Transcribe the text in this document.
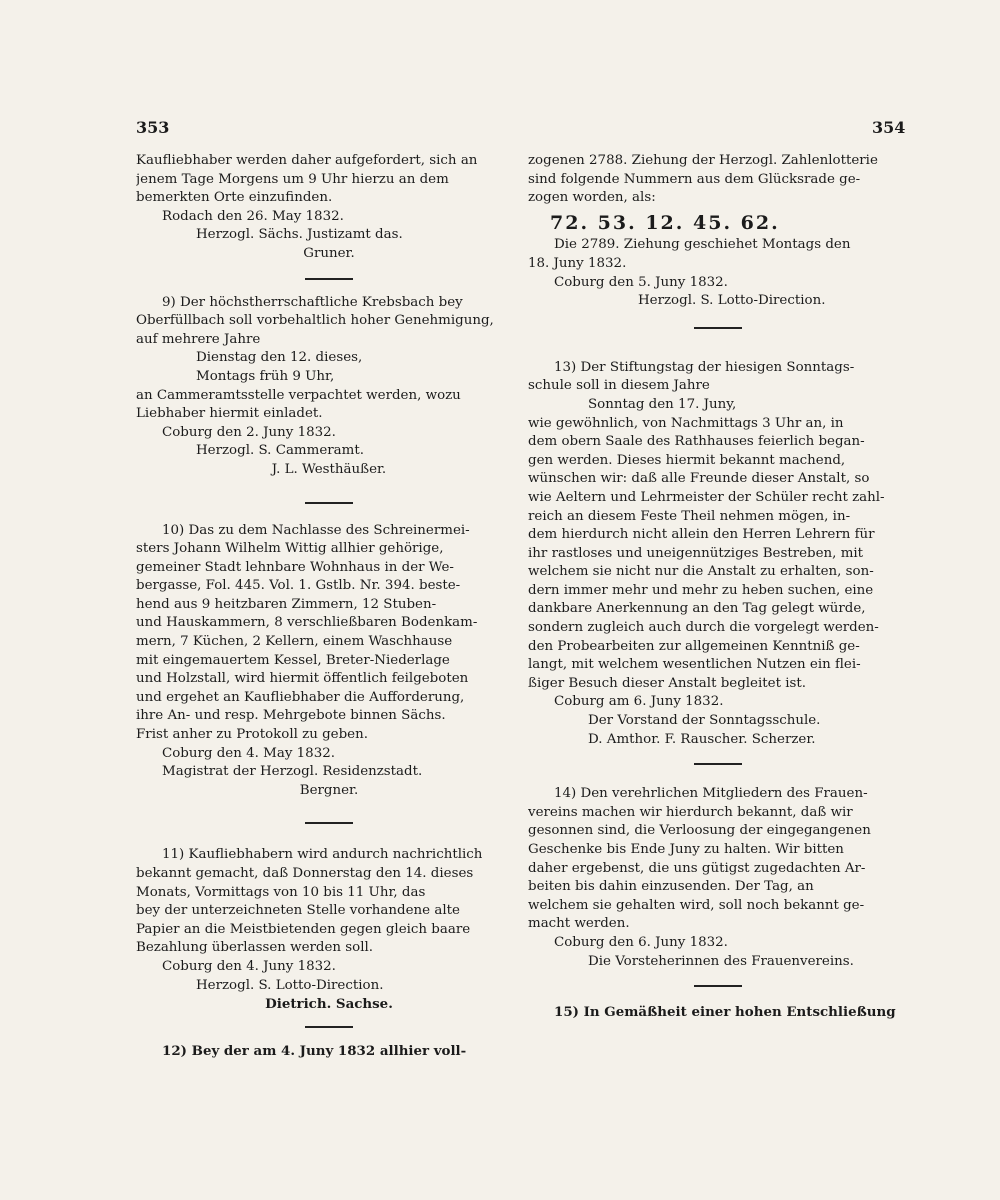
353	354
Kaufliebhaber werden daher aufgefordert, sich an
jenem Tage Morgens um 9 Uhr hierzu an dem
bemerkten Orte einzufinden.
Rodach den 26. May 1832.
Herzogl. Sächs. Justizamt das.
Gruner.
9) Der höchstherrschaftliche Krebsbach bey
Oberfüllbach soll vorbehaltlich hoher Genehmigung,
auf mehrere Jahre
Dienstag den 12. dieses,
Montags früh 9 Uhr,
an Cammeramtsstelle verpachtet werden, wozu
Liebhaber hiermit einladet.
Coburg den 2. Juny 1832.
Herzogl. S. Cammeramt.
J. L. Westhäußer.
10) Das zu dem Nachlasse des Schreinermei-
sters Johann Wilhelm Wittig allhier gehörige,
gemeiner Stadt lehnbare Wohnhaus in der We-
bergasse, Fol. 445. Vol. 1. Gstlb. Nr. 394. beste-
hend aus 9 heitzbaren Zimmern, 12 Stuben-
und Hauskammern, 8 verschließbaren Bodenkam-
mern, 7 Küchen, 2 Kellern, einem Waschhause
mit eingemauertem Kessel, Breter-Niederlage
und Holzstall, wird hiermit öffentlich feilgeboten
und ergehet an Kaufliebhaber die Aufforderung,
ihre An- und resp. Mehrgebote binnen Sächs.
Frist anher zu Protokoll zu geben.
Coburg den 4. May 1832.
Magistrat der Herzogl. Residenzstadt.
Bergner.
11) Kaufliebhabern wird andurch nachrichtlich
bekannt gemacht, daß Donnerstag den 14. dieses
Monats, Vormittags von 10 bis 11 Uhr, das
bey der unterzeichneten Stelle vorhandene alte
Papier an die Meistbietenden gegen gleich baare
Bezahlung überlassen werden soll.
Coburg den 4. Juny 1832.
Herzogl. S. Lotto-Direction.
Dietrich. Sachse.
12) Bey der am 4. Juny 1832 allhier voll-
zogenen 2788. Ziehung der Herzogl. Zahlenlotterie
sind folgende Nummern aus dem Glücksrade ge-
zogen worden, als:
72. 53. 12. 45. 62.
Die 2789. Ziehung geschiehet Montags den
18. Juny 1832.
Coburg den 5. Juny 1832.
Herzogl. S. Lotto-Direction.
13) Der Stiftungstag der hiesigen Sonntags-
schule soll in diesem Jahre
Sonntag den 17. Juny,
wie gewöhnlich, von Nachmittags 3 Uhr an, in
dem obern Saale des Rathhauses feierlich began-
gen werden. Dieses hiermit bekannt machend,
wünschen wir: daß alle Freunde dieser Anstalt, so
wie Aeltern und Lehrmeister der Schüler recht zahl-
reich an diesem Feste Theil nehmen mögen, in-
dem hierdurch nicht allein den Herren Lehrern für
ihr rastloses und uneigennütziges Bestreben, mit
welchem sie nicht nur die Anstalt zu erhalten, son-
dern immer mehr und mehr zu heben suchen, eine
dankbare Anerkennung an den Tag gelegt würde,
sondern zugleich auch durch die vorgelegt werden-
den Probearbeiten zur allgemeinen Kenntniß ge-
langt, mit welchem wesentlichen Nutzen ein flei-
ßiger Besuch dieser Anstalt begleitet ist.
Coburg am 6. Juny 1832.
Der Vorstand der Sonntagsschule.
D. Amthor. F. Rauscher. Scherzer.
14) Den verehrlichen Mitgliedern des Frauen-
vereins machen wir hierdurch bekannt, daß wir
gesonnen sind, die Verloosung der eingegangenen
Geschenke bis Ende Juny zu halten. Wir bitten
daher ergebenst, die uns gütigst zugedachten Ar-
beiten bis dahin einzusenden. Der Tag, an
welchem sie gehalten wird, soll noch bekannt ge-
macht werden.
Coburg den 6. Juny 1832.
Die Vorsteherinnen des Frauenvereins.
15) In Gemäßheit einer hohen Entschließung
